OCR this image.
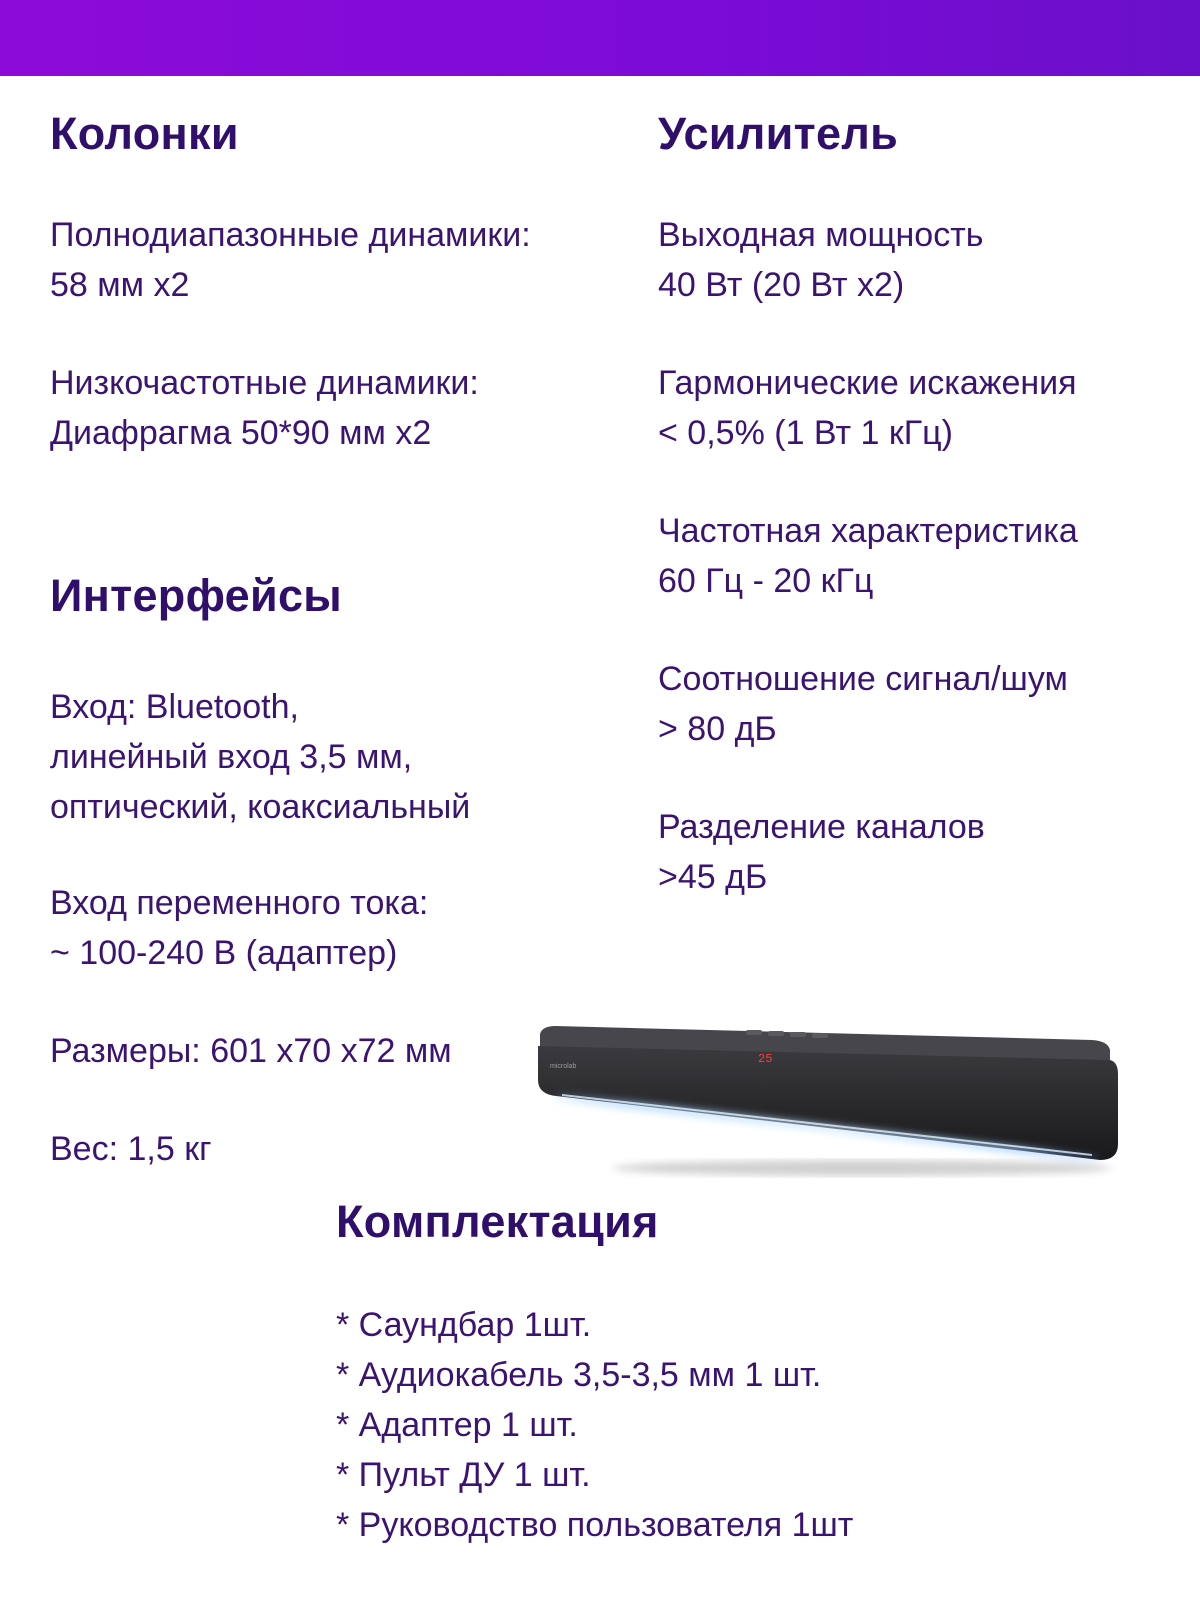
Колонки

Полнодиапазонные динамики:
58 мм x2

Низкочастотные динамики:
Диафрагма 50*90 мм x2

Усилитель

Выходная мощность
40 Вт (20 Вт x2)

Гармонические искажения
< 0,5% (1 Вт 1 кГц)

Частотная характеристика
60 Гц - 20 кГц

Соотношение сигнал/шум
> 80 дБ

Разделение каналов
>45 дБ

Интерфейсы

Вход: Bluetooth,
линейный вход 3,5 мм,
оптический, коаксиальный

Вход переменного тока:
~ 100-240 В (адаптер)

Размеры: 601 x70 x72 мм

Вес: 1,5 кг

25
microlab
Комплектация
* Саундбар 1шт.
* Аудиокабель 3,5-3,5 мм 1 шт.
* Адаптер 1 шт.
* Пульт ДУ 1 шт.
* Руководство пользователя 1шт
